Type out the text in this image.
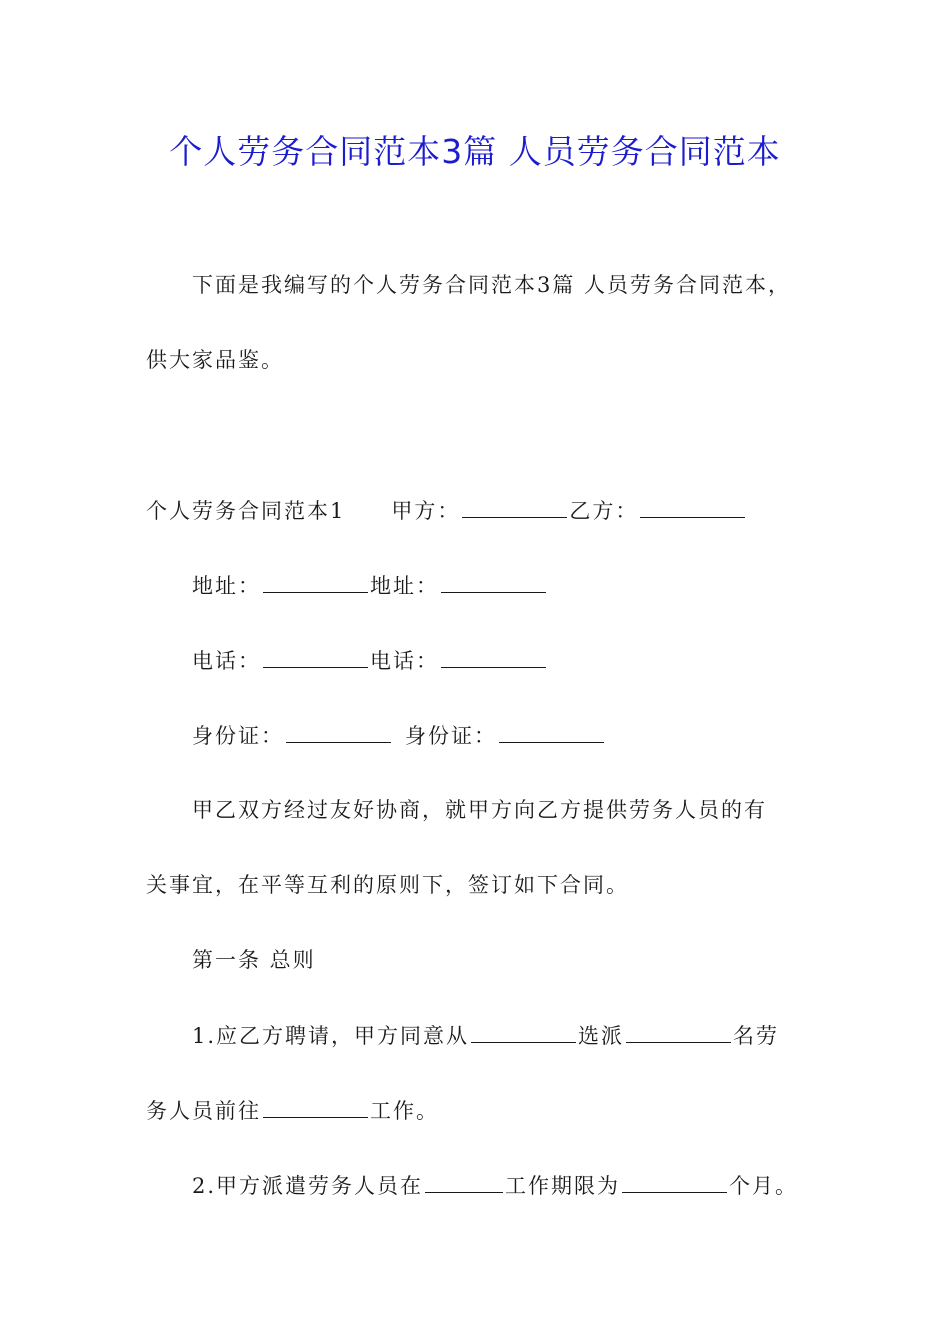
个人劳务合同范本3篇 人员劳务合同范本
下面是我编写的个人劳务合同范本3篇 人员劳务合同范本，
供大家品鉴。
个人劳务合同范本1 甲方：	乙方：
地址：	地址：
电话：	电话：
身份证：	身份证：
甲乙双方经过友好协商，就甲方向乙方提供劳务人员的有
关事宜，在平等互利的原则下，签订如下合同。
第一条 总则
1.应乙方聘请，甲方同意从	选派	名劳
务人员前往	工作。
2.甲方派遣劳务人员在	工作期限为	个月。
